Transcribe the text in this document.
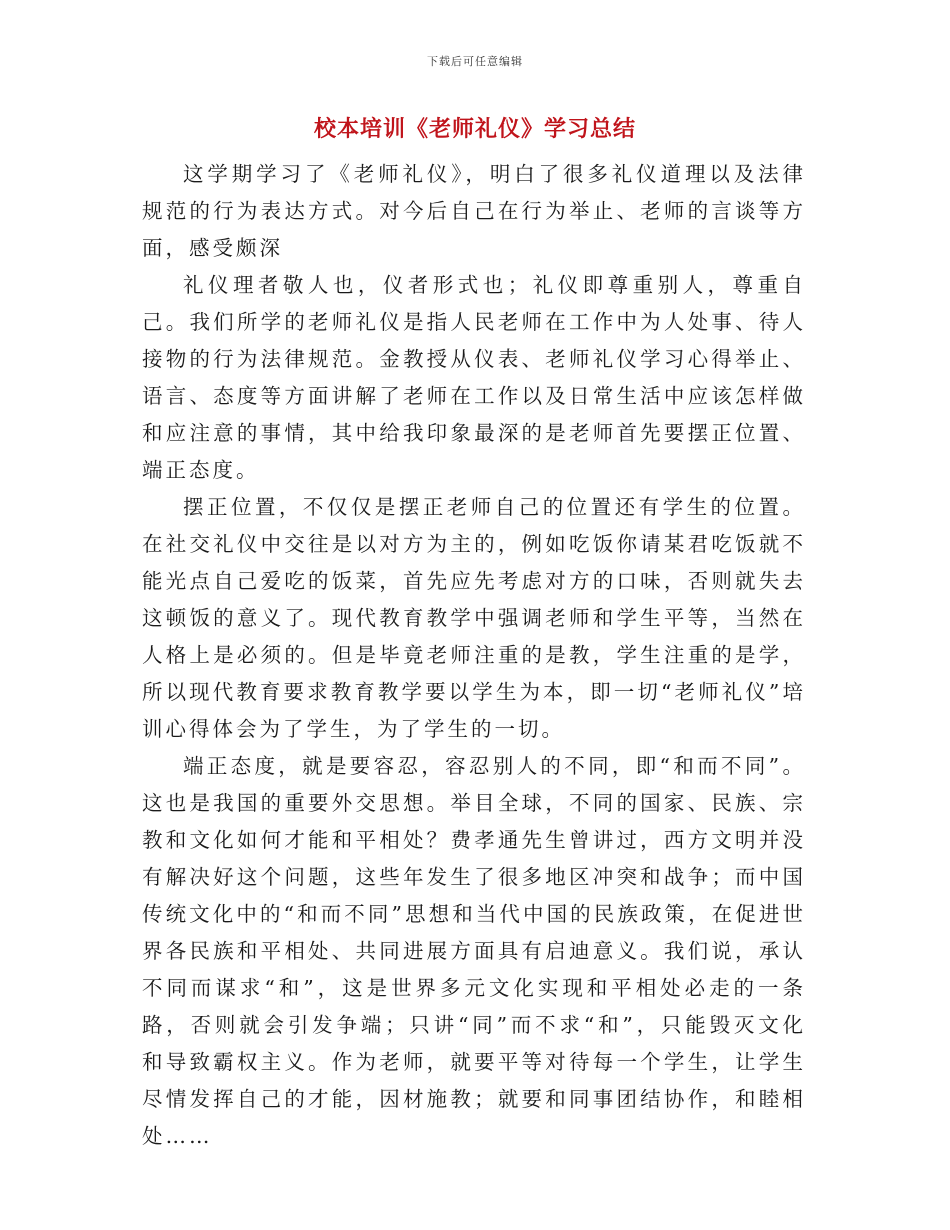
下载后可任意编辑
校本培训《老师礼仪》学习总结

这学期学习了《老师礼仪》，明白了很多礼仪道理以及法律规范的行为表达方式。对今后自己在行为举止、老师的言谈等方面，感受颇深

礼仪理者敬人也，仪者形式也；礼仪即尊重别人，尊重自己。我们所学的老师礼仪是指人民老师在工作中为人处事、待人接物的行为法律规范。金教授从仪表、老师礼仪学习心得举止、语言、态度等方面讲解了老师在工作以及日常生活中应该怎样做和应注意的事情，其中给我印象最深的是老师首先要摆正位置、端正态度。

摆正位置，不仅仅是摆正老师自己的位置还有学生的位置。在社交礼仪中交往是以对方为主的，例如吃饭你请某君吃饭就不能光点自己爱吃的饭菜，首先应先考虑对方的口味，否则就失去这顿饭的意义了。现代教育教学中强调老师和学生平等，当然在人格上是必须的。但是毕竟老师注重的是教，学生注重的是学，所以现代教育要求教育教学要以学生为本，即一切“老师礼仪”培训心得体会为了学生，为了学生的一切。

端正态度，就是要容忍，容忍别人的不同，即“和而不同”。这也是我国的重要外交思想。举目全球，不同的国家、民族、宗教和文化如何才能和平相处？费孝通先生曾讲过，西方文明并没有解决好这个问题，这些年发生了很多地区冲突和战争；而中国传统文化中的“和而不同”思想和当代中国的民族政策，在促进世界各民族和平相处、共同进展方面具有启迪意义。我们说，承认不同而谋求“和”，这是世界多元文化实现和平相处必走的一条路，否则就会引发争端；只讲“同”而不求“和”，只能毁灭文化和导致霸权主义。作为老师，就要平等对待每一个学生，让学生尽情发挥自己的才能，因材施教；就要和同事团结协作，和睦相处……
